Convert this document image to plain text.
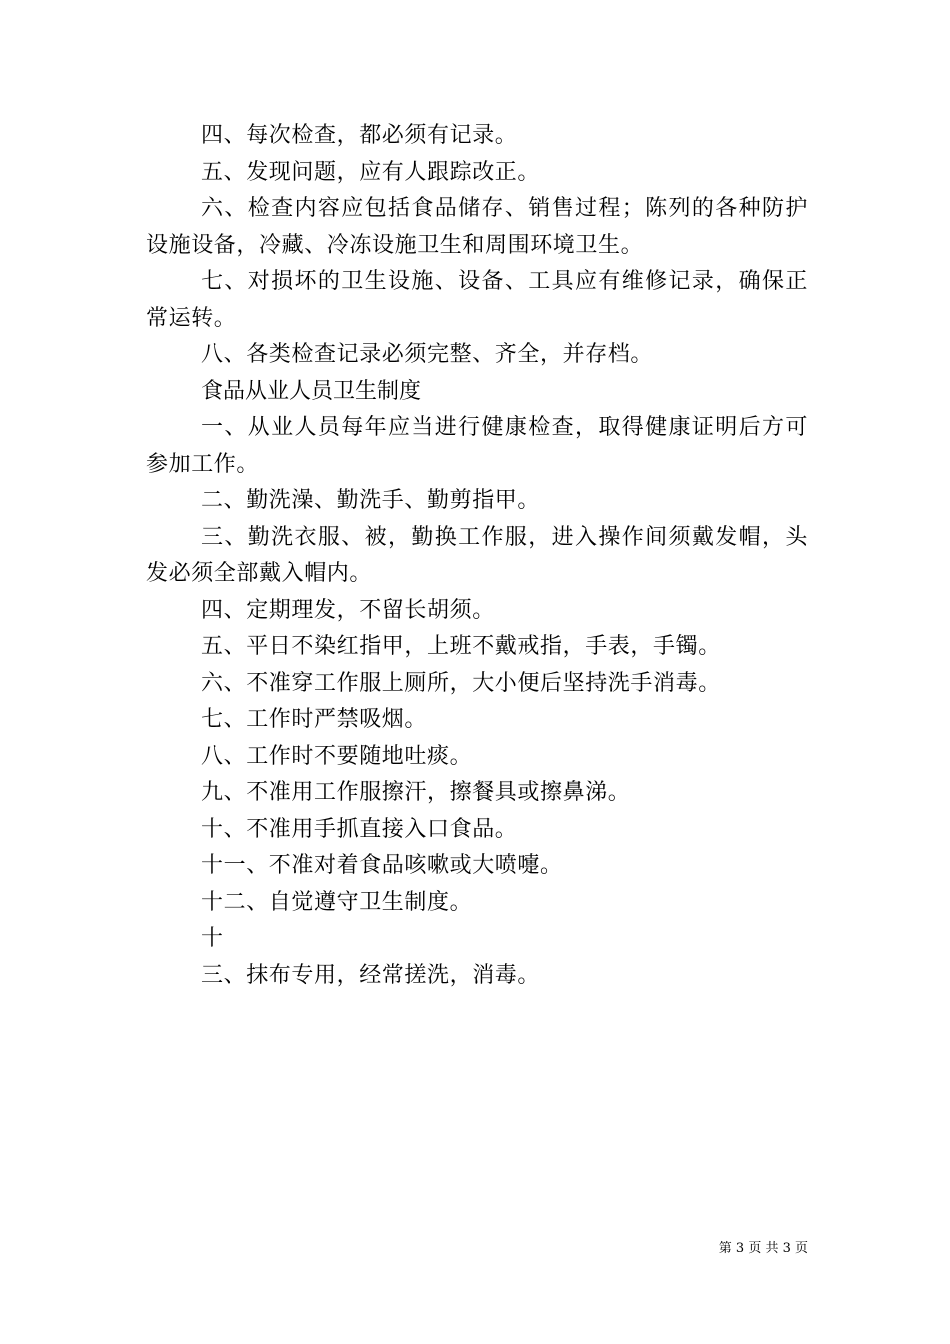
四、每次检查，都必须有记录。

五、发现问题，应有人跟踪改正。

六、检查内容应包括食品储存、销售过程；陈列的各种防护设施设备，冷藏、冷冻设施卫生和周围环境卫生。

七、对损坏的卫生设施、设备、工具应有维修记录，确保正常运转。

八、各类检查记录必须完整、齐全，并存档。

食品从业人员卫生制度

一、从业人员每年应当进行健康检查，取得健康证明后方可参加工作。

二、勤洗澡、勤洗手、勤剪指甲。

三、勤洗衣服、被，勤换工作服，进入操作间须戴发帽，头发必须全部戴入帽内。

四、定期理发，不留长胡须。

五、平日不染红指甲，上班不戴戒指，手表，手镯。

六、不准穿工作服上厕所，大小便后坚持洗手消毒。

七、工作时严禁吸烟。

八、工作时不要随地吐痰。

九、不准用工作服擦汗，擦餐具或擦鼻涕。

十、不准用手抓直接入口食品。

十一、不准对着食品咳嗽或大喷嚏。

十二、自觉遵守卫生制度。

十

三、抹布专用，经常搓洗，消毒。

第 3 页 共 3 页
